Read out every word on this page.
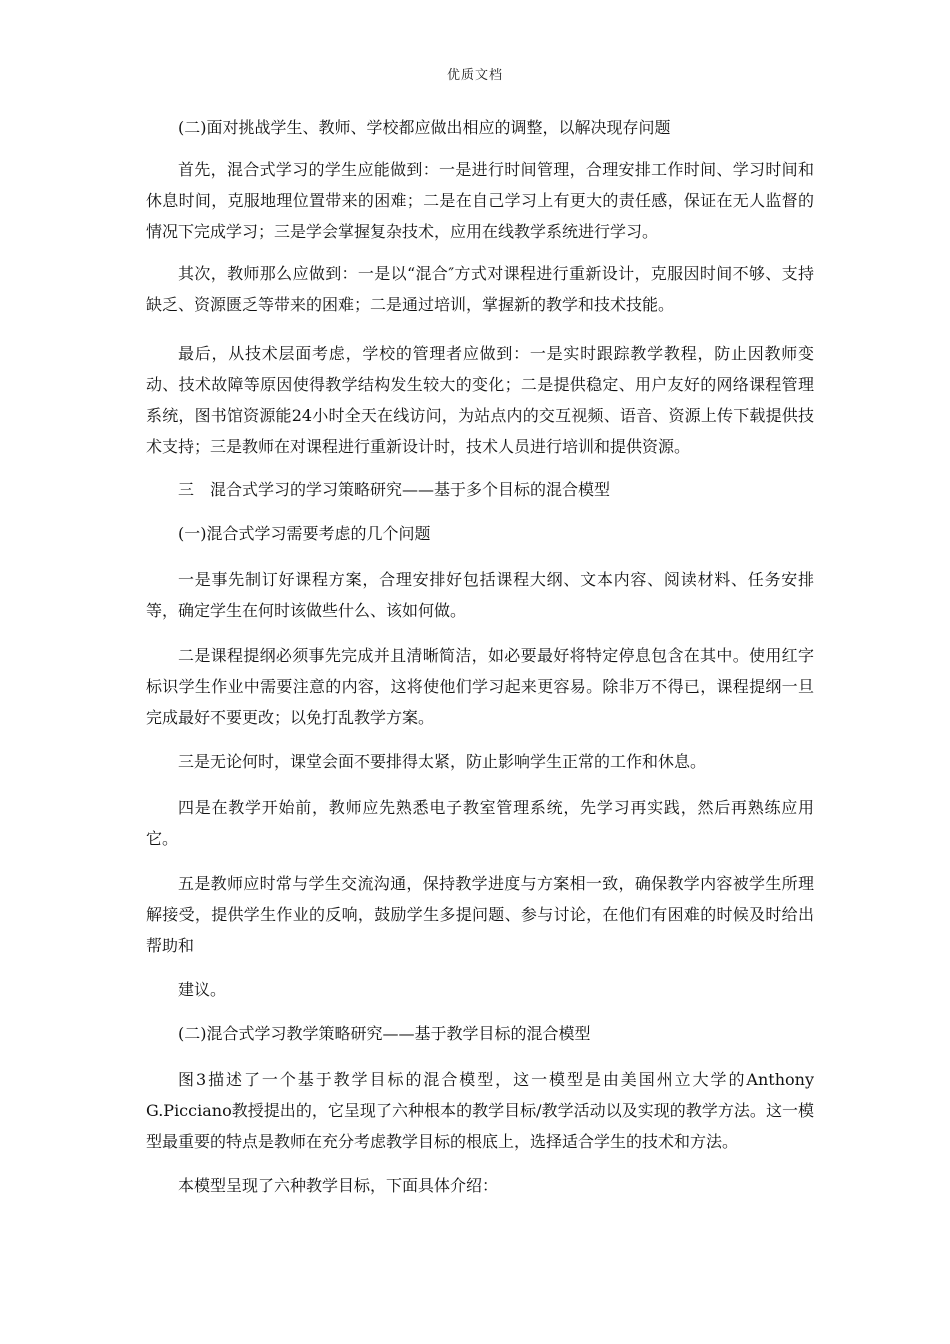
优质文档

(二)面对挑战学生、教师、学校都应做出相应的调整，以解决现存问题

首先，混合式学习的学生应能做到：一是进行时间管理，合理安排工作时间、学习时间和休息时间，克服地理位置带来的困难；二是在自己学习上有更大的责任感，保证在无人监督的情况下完成学习；三是学会掌握复杂技术，应用在线教学系统进行学习。

其次，教师那么应做到：一是以“混合″方式对课程进行重新设计，克服因时间不够、支持缺乏、资源匮乏等带来的困难；二是通过培训，掌握新的教学和技术技能。

最后，从技术层面考虑，学校的管理者应做到：一是实时跟踪教学教程，防止因教师变动、技术故障等原因使得教学结构发生较大的变化；二是提供稳定、用户友好的网络课程管理系统，图书馆资源能24小时全天在线访问，为站点内的交互视频、语音、资源上传下载提供技术支持；三是教师在对课程进行重新设计时，技术人员进行培训和提供资源。

三　混合式学习的学习策略研究——基于多个目标的混合模型

(一)混合式学习需要考虑的几个问题

一是事先制订好课程方案，合理安排好包括课程大纲、文本内容、阅读材料、任务安排等，确定学生在何时该做些什么、该如何做。

二是课程提纲必须事先完成并且清晰简洁，如必要最好将特定停息包含在其中。使用红字标识学生作业中需要注意的内容，这将使他们学习起来更容易。除非万不得已，课程提纲一旦完成最好不要更改；以免打乱教学方案。

三是无论何时，课堂会面不要排得太紧，防止影响学生正常的工作和休息。

四是在教学开始前，教师应先熟悉电子教室管理系统，先学习再实践，然后再熟练应用它。

五是教师应时常与学生交流沟通，保持教学进度与方案相一致，确保教学内容被学生所理解接受，提供学生作业的反响，鼓励学生多提问题、参与讨论，在他们有困难的时候及时给出帮助和

建议。

(二)混合式学习教学策略研究——基于教学目标的混合模型

图3描述了一个基于教学目标的混合模型，这一模型是由美国州立大学的Anthony G.Picciano教授提出的，它呈现了六种根本的教学目标/教学活动以及实现的教学方法。这一模型最重要的特点是教师在充分考虑教学目标的根底上，选择适合学生的技术和方法。

本模型呈现了六种教学目标，下面具体介绍：
